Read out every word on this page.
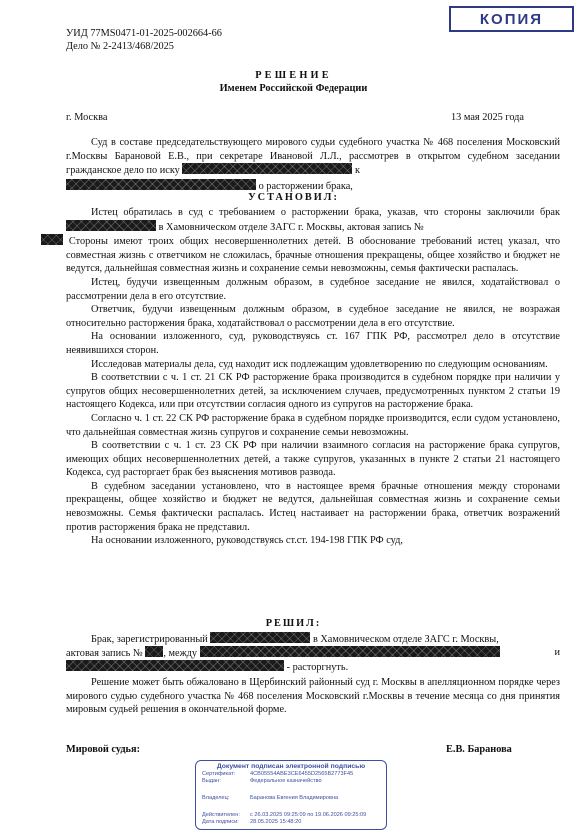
КОПИЯ
УИД 77MS0471-01-2025-002664-66
Дело № 2-2413/468/2025
РЕШЕНИЕ
Именем Российской Федерации
г. Москва	13 мая 2025 года

Суд в составе председательствующего мирового судьи судебного участка № 468 поселения Московский г.Москвы Барановой Е.В., при секретаре Ивановой Л.Л., рассмотрев в открытом судебном заседании гражданское дело по иску	к

о расторжении брака,
УСТАНОВИЛ:

Истец обратилась в суд с требованием о расторжении брака, указав, что стороны заключили брак  в Хамовническом отделе ЗАГС г. Москвы, актовая запись №
Стороны имеют троих общих несовершеннолетних детей. В обоснование требований истец указал, что совместная жизнь с ответчиком не сложилась, брачные отношения прекращены, общее хозяйство и бюджет не ведутся, дальнейшая совместная жизнь и сохранение семьи невозможны, семья фактически распалась.

Истец, будучи извещенным должным образом, в судебное заседание не явился, ходатайствовал о рассмотрении дела в его отсутствие.

Ответчик, будучи извещенным должным образом, в судебное заседание не явился, не возражая относительно расторжения брака, ходатайствовал о рассмотрении дела в его отсутствие.

На основании изложенного, суд, руководствуясь ст. 167 ГПК РФ, рассмотрел дело в отсутствие неявившихся сторон.

Исследовав материалы дела, суд находит иск подлежащим удовлетворению по следующим основаниям.

В соответствии с ч. 1 ст. 21 СК РФ расторжение брака производится в судебном порядке при наличии у супругов общих несовершеннолетних детей, за исключением случаев, предусмотренных пунктом 2 статьи 19 настоящего Кодекса, или при отсутствии согласия одного из супругов на расторжение брака.

Согласно ч. 1 ст. 22 СК РФ расторжение брака в судебном порядке производится, если судом установлено, что дальнейшая совместная жизнь супругов и сохранение семьи невозможны.

В соответствии с ч. 1 ст. 23 СК РФ при наличии взаимного согласия на расторжение брака супругов, имеющих общих несовершеннолетних детей, а также супругов, указанных в пункте 2 статьи 21 настоящего Кодекса, суд расторгает брак без выяснения мотивов развода.

В судебном заседании установлено, что в настоящее время брачные отношения между сторонами прекращены, общее хозяйство и бюджет не ведутся, дальнейшая совместная жизнь и сохранение семьи невозможны. Семья фактически распалась. Истец настаивает на расторжении брака, ответчик возражений против расторжения брака не представил.

На основании изложенного, руководствуясь ст.ст. 194-198 ГПК РФ суд,

РЕШИЛ:
Брак, зарегистрированный	в Хамовническом отделе ЗАГС г. Москвы,
актовая запись № , между	и
- расторгнуть.

Решение может быть обжаловано в Щербинский районный суд г. Москвы в апелляционном порядке через мирового судью судебного участка № 468 поселения Московский г.Москвы в течение месяца со дня принятия мировым судьей решения в окончательной форме.

Мировой судья:	Е.В. Баранова
Документ подписан электронной подписью
Сертификат:	4CB05554ABE3CE6455D2565B2773F45
Выдан:	Федеральное казначейство
Владелец:	Баранова Евгения Владимировна
Действителен:	с 26.03.2025 09:25:09 по 19.06.2026 09:25:09
Дата подписи:	28.05.2025 15:48:20
